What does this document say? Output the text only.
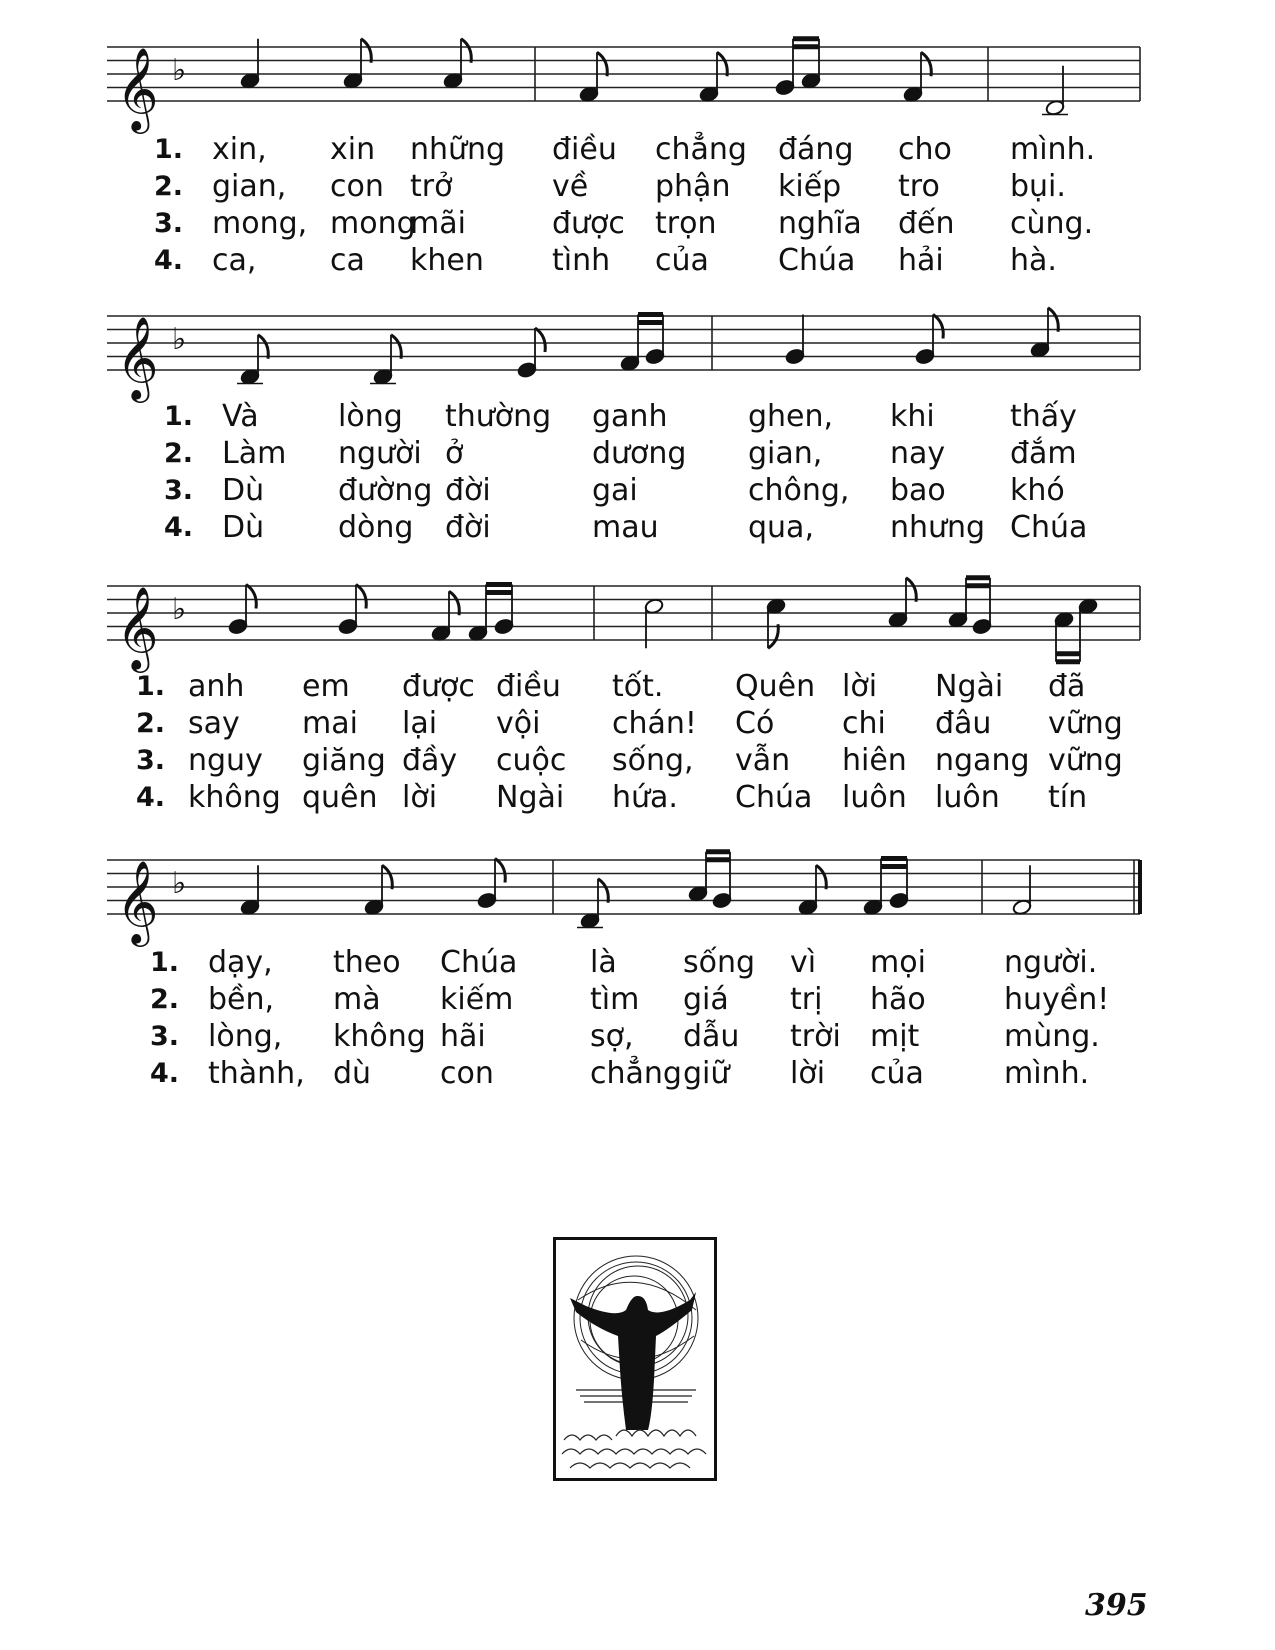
𝄞 ♭
1. xin, xin những điều chẳng đáng cho mình.
2. gian, con trở	về phận kiếp tro bụi.
3. mong, mong
mãi	được trọn nghĩa đến cùng.
4. ca, ca khen tình của Chúa hải hà.
𝄞 ♭
1. Và	lòng thường ganh	ghen, khi	thấy
2. Làm người ở	dương gian, nay đắm
3. Dù đường đời	gai	chông, bao khó
4. Dù dòng đời	mau	qua,	nhưng Chúa
𝄞 ♭
1. anh em được điều tốt. Quên lời Ngài đã
2. say mai lại vội chán! Có chi đâu vững
3. nguy giăng đầy cuộc sống, vẫn hiên ngang vững
4. không quên lời Ngài hứa. Chúa luôn luôn tín
𝄞 ♭
1. dạy, theo Chúa là sống vì mọi	người.
2. bền, mà kiếm	tìm giá trị hão	huyền!
3. lòng, không hãi	sợ, dẫu trời mịt	mùng.
4. thành, dù con	chẳng giữ lời của	mình.
395
